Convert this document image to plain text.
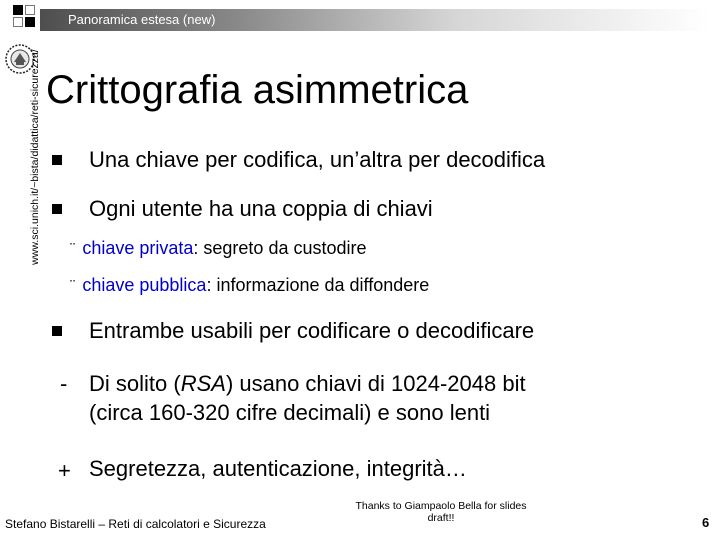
Panoramica estesa (new)
www.sci.unich.it/~bista/didattica/reti-sicurezza/ Crittografia asimmetrica
Una chiave per codifica, un’altra per decodifica
Ogni utente ha una coppia di chiavi
¨ chiave privata: segreto da custodire
¨ chiave pubblica: informazione da diffondere
Entrambe usabili per codificare o decodificare
- Di solito (RSA) usano chiavi di 1024-2048 bit
(circa 160-320 cifre decimali) e sono lenti
+ Segretezza, autenticazione, integrità…
Stefano Bistarelli – Reti di calcolatori e Sicurezza
Thanks to Giampaolo Bella for slides
draft!!	6
